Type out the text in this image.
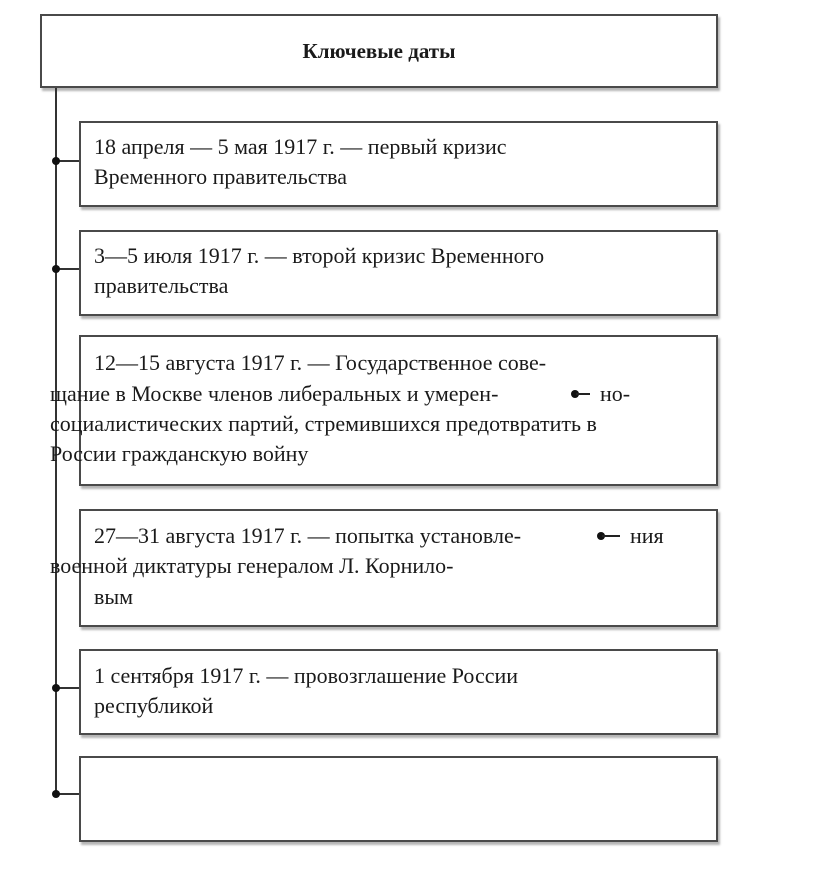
Ключевые даты
18 апреля — 5 мая 1917 г. — первый кризис
Временного правительства
3—5 июля 1917 г. — второй кризис Временного
правительства
12—15 августа 1917 г. — Государственное сове-
щание в Москве членов либеральных и умерен-	но-
социалистических партий, стремившихся предотвратить в
России гражданскую войну
27—31 августа 1917 г. — попытка установле-	ния
военной диктатуры генералом Л. Корнило-
вым
1 сентября 1917 г. — провозглашение России
республикой
